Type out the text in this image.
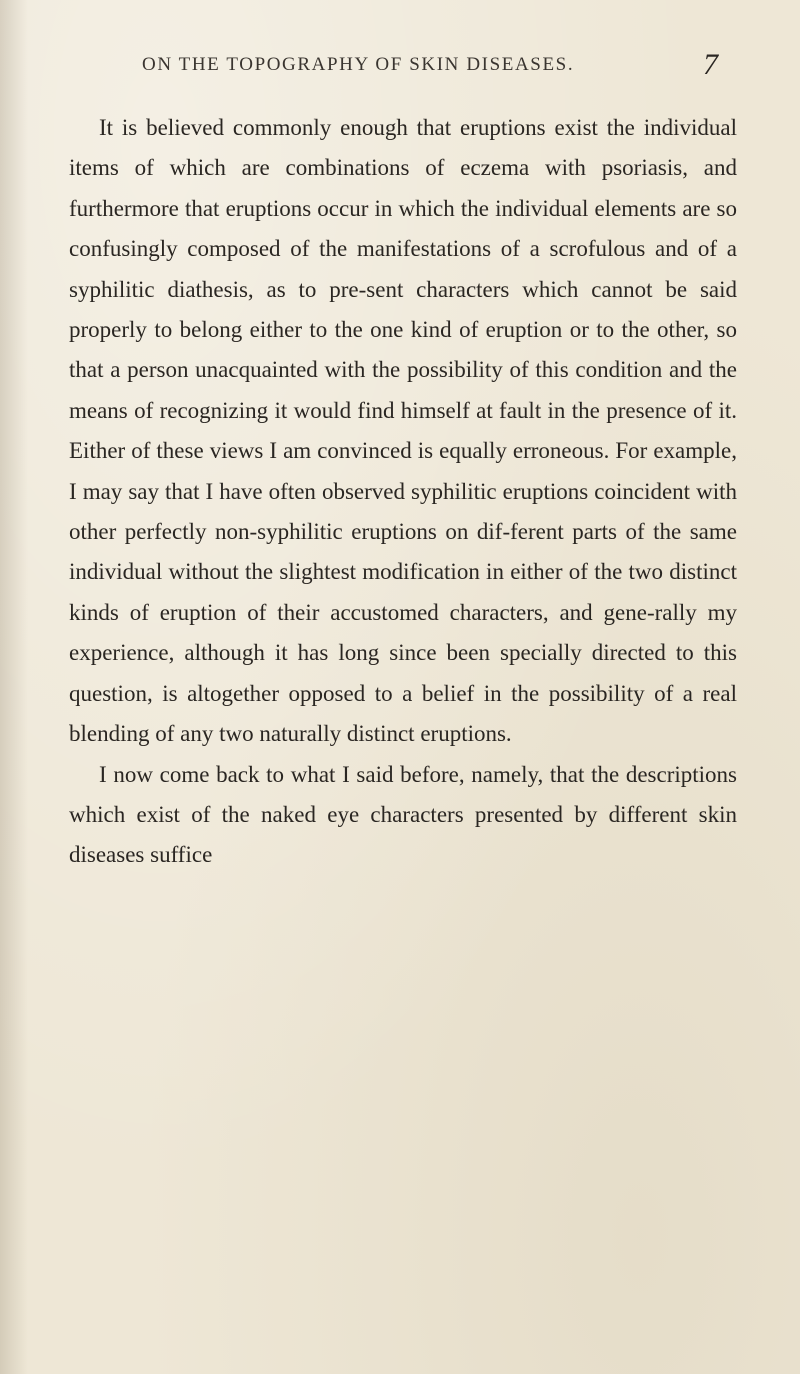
ON THE TOPOGRAPHY OF SKIN DISEASES.	7

It is believed commonly enough that eruptions exist the individual items of which are combinations of eczema with psoriasis, and furthermore that eruptions occur in which the individual elements are so confusingly composed of the manifestations of a scrofulous and of a syphilitic diathesis, as to pre-sent characters which cannot be said properly to belong either to the one kind of eruption or to the other, so that a person unacquainted with the possibility of this condition and the means of recognizing it would find himself at fault in the presence of it. Either of these views I am convinced is equally erroneous. For example, I may say that I have often observed syphilitic eruptions coincident with other perfectly non-syphilitic eruptions on dif-ferent parts of the same individual without the slightest modification in either of the two distinct kinds of eruption of their accustomed characters, and gene-rally my experience, although it has long since been specially directed to this question, is altogether opposed to a belief in the possibility of a real blending of any two naturally distinct eruptions.

I now come back to what I said before, namely, that the descriptions which exist of the naked eye characters presented by different skin diseases suffice
